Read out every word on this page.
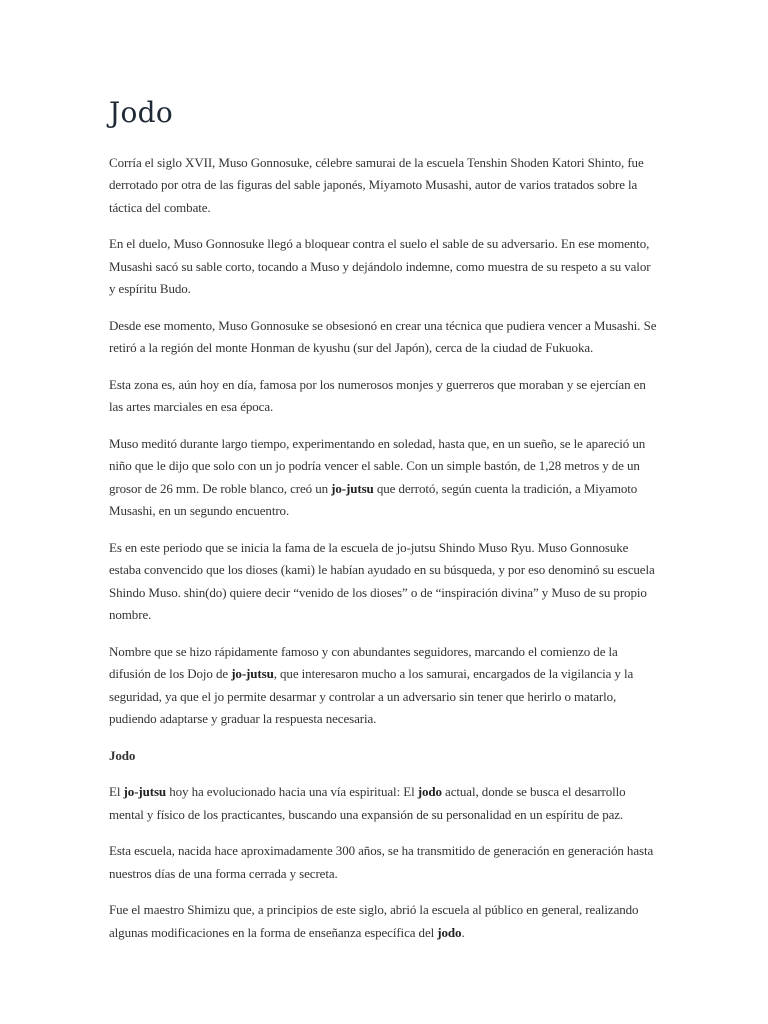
Jodo

Corría el siglo XVII, Muso Gonnosuke, célebre samurai de la escuela Tenshin Shoden Katori Shinto, fue derrotado por otra de las figuras del sable japonés, Miyamoto Musashi, autor de varios tratados sobre la táctica del combate.

En el duelo, Muso Gonnosuke llegó a bloquear contra el suelo el sable de su adversario. En ese momento, Musashi sacó su sable corto, tocando a Muso y dejándolo indemne, como muestra de su respeto a su valor y espíritu Budo.

Desde ese momento, Muso Gonnosuke se obsesionó en crear una técnica que pudiera vencer a Musashi. Se retiró a la región del monte Honman de kyushu (sur del Japón), cerca de la ciudad de Fukuoka.

Esta zona es, aún hoy en día, famosa por los numerosos monjes y guerreros que moraban y se ejercían en las artes marciales en esa época.

Muso meditó durante largo tiempo, experimentando en soledad, hasta que, en un sueño, se le apareció un niño que le dijo que solo con un jo podría vencer el sable. Con un simple bastón, de 1,28 metros y de un grosor de 26 mm. De roble blanco, creó un jo-jutsu que derrotó, según cuenta la tradición, a Miyamoto Musashi, en un segundo encuentro.

Es en este periodo que se inicia la fama de la escuela de jo-jutsu Shindo Muso Ryu. Muso Gonnosuke estaba convencido que los dioses (kami) le habían ayudado en su búsqueda, y por eso denominó su escuela Shindo Muso. shin(do) quiere decir “venido de los dioses” o de “inspiración divina” y Muso de su propio nombre.

Nombre que se hizo rápidamente famoso y con abundantes seguidores, marcando el comienzo de la difusión de los Dojo de jo-jutsu, que interesaron mucho a los samurai, encargados de la vigilancia y la seguridad, ya que el jo permite desarmar y controlar a un adversario sin tener que herirlo o matarlo, pudiendo adaptarse y graduar la respuesta necesaria.

Jodo

El jo-jutsu hoy ha evolucionado hacia una vía espiritual: El jodo actual, donde se busca el desarrollo mental y físico de los practicantes, buscando una expansión de su personalidad en un espíritu de paz.

Esta escuela, nacida hace aproximadamente 300 años, se ha transmitido de generación en generación hasta nuestros días de una forma cerrada y secreta.

Fue el maestro Shimizu que, a principios de este siglo, abrió la escuela al público en general, realizando algunas modificaciones en la forma de enseñanza específica del jodo.
